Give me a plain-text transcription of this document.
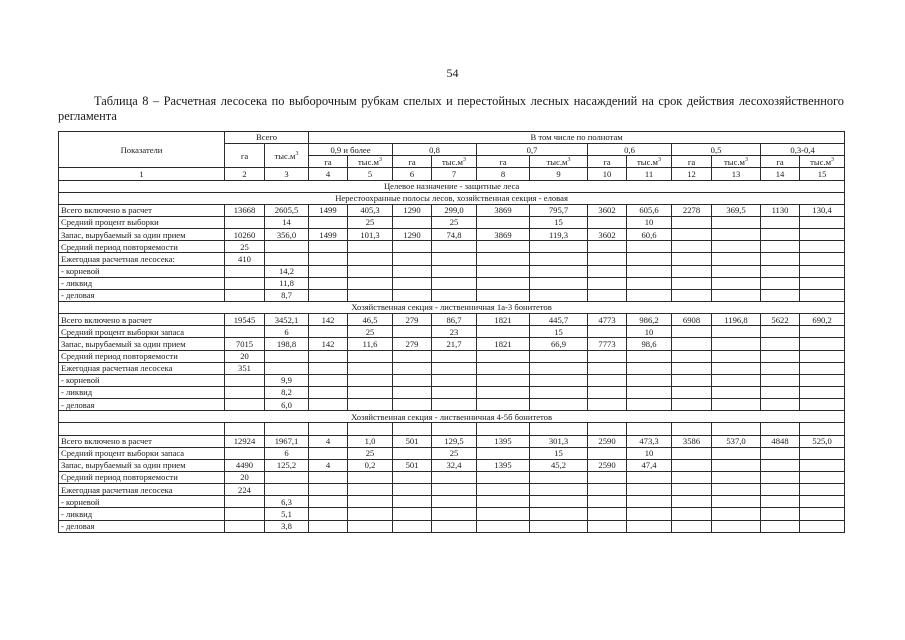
54
Таблица 8 – Расчетная лесосека по выборочным рубкам спелых и перестойных лесных насаждений на срок действия лесохозяйственного регламента
Показатели	Всего		В том числе по полнотам											
	га	$тыс.м^3$	0,9 и более		0,8		0,7		0,6		0,5		0,3-0,4	
			га	$тыс.м^3$	га	$тыс.м^3$	га	$тыс.м^3$	га	$тыс.м^3$	га	$тыс.м^3$	га	$тыс.м^3$
1	2	3	4	5	6	7	8	9	10	11	12	13	14	15
Целевое назначение - защитные леса														
Нерестоохранные полосы лесов, хозяйственная секция - еловая														
Всего включено в расчет	13668	2605,5	1499	405,3	1290	299,0	3869	795,7	3602	605,6	2278	369,5	1130	130,4
Средний процент выборки		14		25		25		15		10				
Запас, вырубаемый за один прием	10260	356,0	1499	101,3	1290	74,8	3869	119,3	3602	60,6				
Средний период повторяемости	25													
Ежегодная расчетная лесосека:	410													
- корневой		14,2												
- ликвид		11,8												
- деловая		8,7												
Хозяйственная секция - лиственничная 1а-3 бонитетов														
Всего включено в расчет	19545	3452,1	142	46,5	279	86,7	1821	445,7	4773	986,2	6908	1196,8	5622	690,2
Средний процент выборки запаса		6		25		23		15		10				
Запас, вырубаемый за один прием	7015	198,8	142	11,6	279	21,7	1821	66,9	7773	98,6				
Средний период повторяемости	20													
Ежегодная расчетная лесосека	351													
- корневой		9,9												
- ликвид		8,2												
- деловая		6,0												
Хозяйственная секция - лиственничная 4-5б бонитетов														

Всего включено в расчет	12924	1967,1	4	1,0	501	129,5	1395	301,3	2590	473,3	3586	537,0	4848	525,0
Средний процент выборки запаса		6		25		25		15		10				
Запас, вырубаемый за один прием	4490	125,2	4	0,2	501	32,4	1395	45,2	2590	47,4				
Средний период повторяемости	20													
Ежегодная расчетная лесосека	224													
- корневой		6,3												
- ликвид		5,1												
- деловая		3,8												
